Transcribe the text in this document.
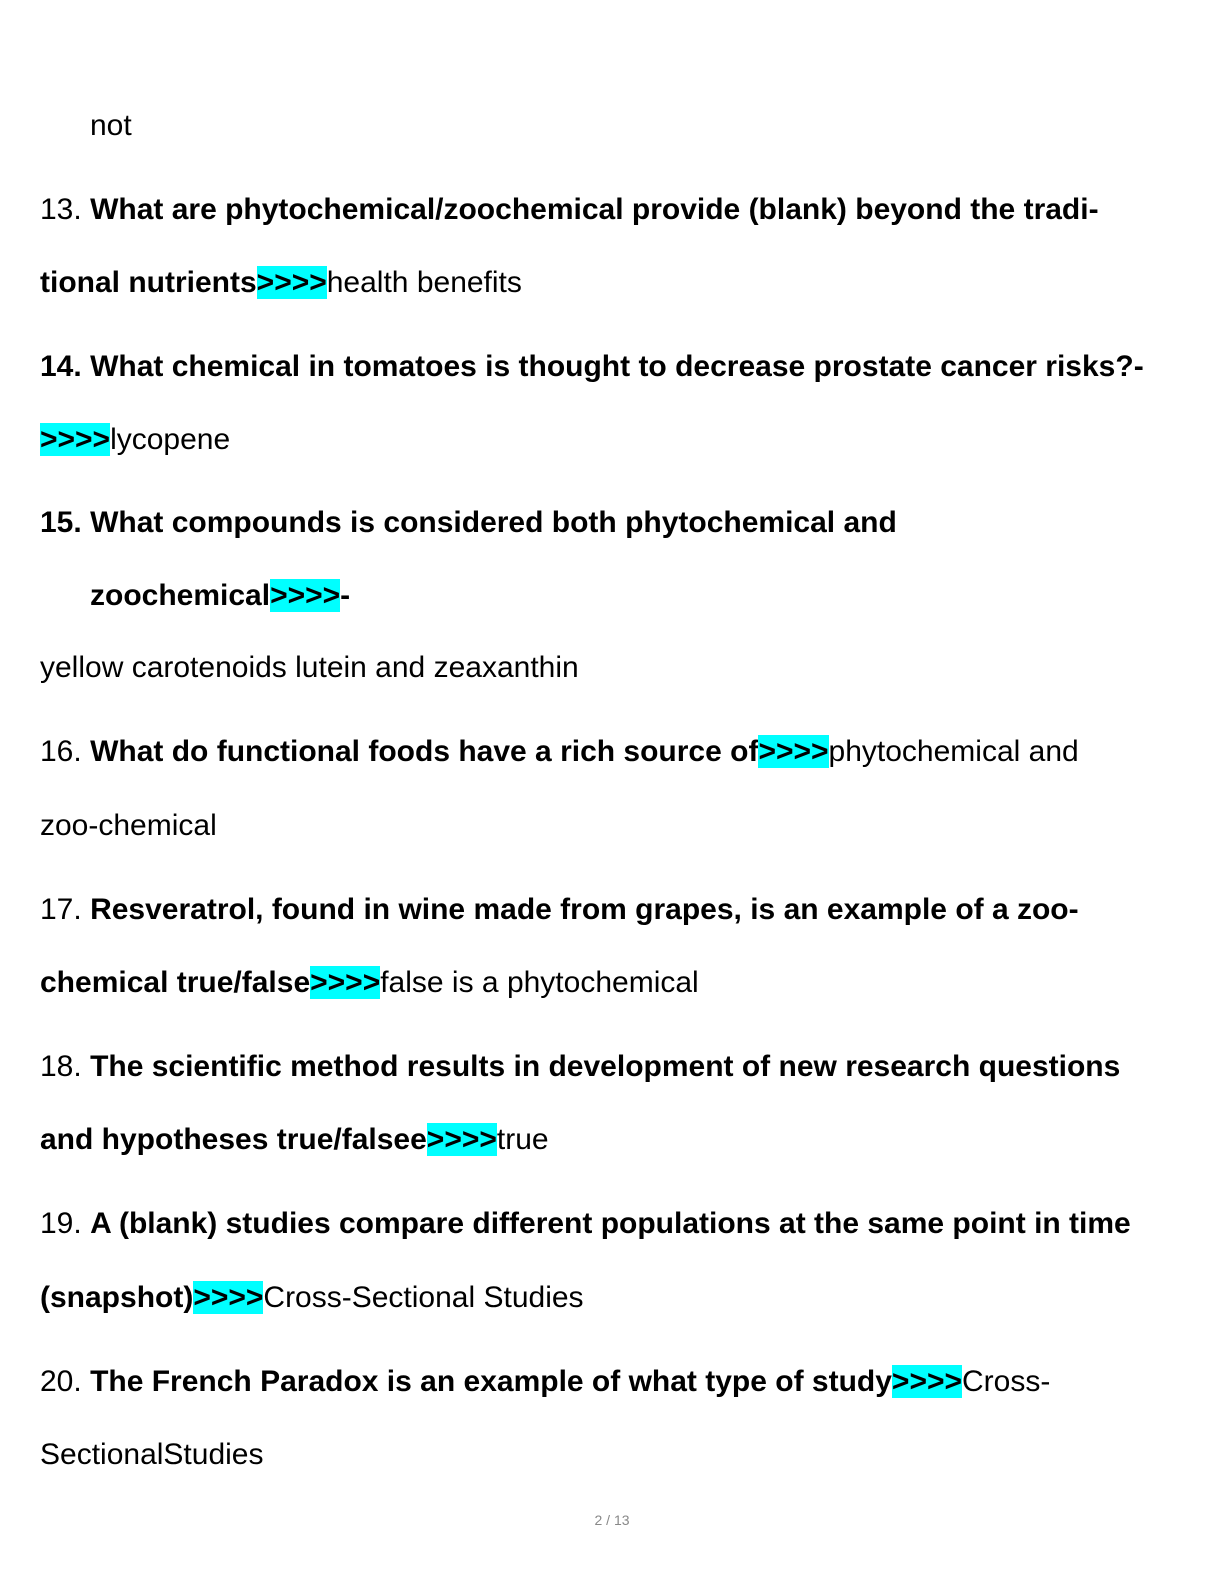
not
13. What are phytochemical/zoochemical provide (blank) beyond the tradi-
tional nutrients>>>>health benefits
14. What chemical in tomatoes is thought to decrease prostate cancer risks?-
>>>>lycopene
15. What compounds is considered both phytochemical and
zoochemical>>>>-
yellow carotenoids lutein and zeaxanthin
16. What do functional foods have a rich source of>>>>phytochemical and
zoo-chemical
17. Resveratrol, found in wine made from grapes, is an example of a zoo-
chemical true/false>>>>false is a phytochemical
18. The scientific method results in development of new research questions
and hypotheses true/falsee>>>>true
19. A (blank) studies compare different populations at the same point in time
(snapshot)>>>>Cross-Sectional Studies
20. The French Paradox is an example of what type of study>>>>Cross-
SectionalStudies
2 / 13
